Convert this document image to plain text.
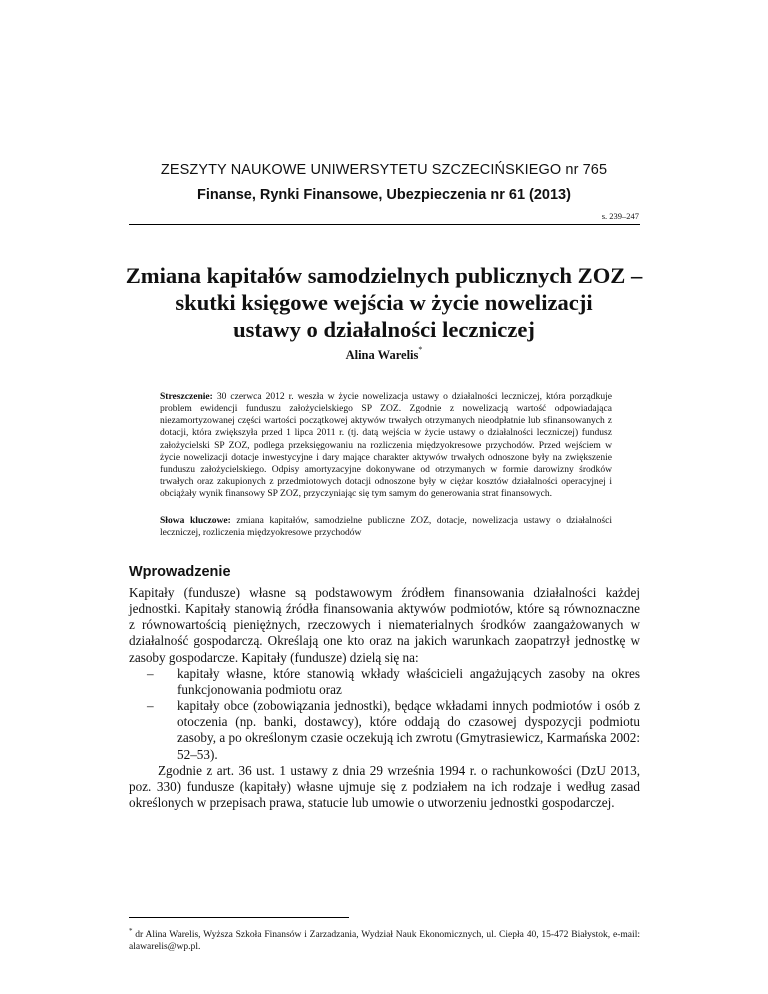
ZESZYTY NAUKOWE UNIWERSYTETU SZCZECIŃSKIEGO nr 765
Finanse, Rynki Finansowe, Ubezpieczenia nr 61 (2013)
s. 239–247
Zmiana kapitałów samodzielnych publicznych ZOZ –
skutki księgowe wejścia w życie nowelizacji
ustawy o działalności leczniczej
Alina Warelis*
Streszczenie: 30 czerwca 2012 r. weszła w życie nowelizacja ustawy o działalności leczniczej, która porządkuje problem ewidencji funduszu założycielskiego SP ZOZ. Zgodnie z nowelizacją wartość odpowiadająca niezamortyzowanej części wartości początkowej aktywów trwałych otrzymanych nieodpłatnie lub sfinansowanych z dotacji, która zwiększyła przed 1 lipca 2011 r. (tj. datą wejścia w życie ustawy o działalności leczniczej) fundusz założycielski SP ZOZ, podlega przeksięgowaniu na rozliczenia międzyokresowe przychodów. Przed wejściem w życie nowelizacji dotacje inwestycyjne i dary mające charakter aktywów trwałych odnoszone były na zwiększenie funduszu założycielskiego. Odpisy amortyzacyjne dokonywane od otrzymanych w formie darowizny środków trwałych oraz zakupionych z przedmiotowych dotacji odnoszone były w ciężar kosztów działalności operacyjnej i obciążały wynik finansowy SP ZOZ, przyczyniając się tym samym do generowania strat finansowych.
Słowa kluczowe: zmiana kapitałów, samodzielne publiczne ZOZ, dotacje, nowelizacja ustawy o działalności leczniczej, rozliczenia międzyokresowe przychodów
Wprowadzenie

Kapitały (fundusze) własne są podstawowym źródłem finansowania działalności każdej jednostki. Kapitały stanowią źródła finansowania aktywów podmiotów, które są równoznaczne z równowartością pieniężnych, rzeczowych i niematerialnych środków zaangażowanych w działalność gospodarczą. Określają one kto oraz na jakich warunkach zaopatrzył jednostkę w zasoby gospodarcze. Kapitały (fundusze) dzielą się na:

– kapitały własne, które stanowią wkłady właścicieli angażujących zasoby na okres funkcjonowania podmiotu oraz
– kapitały obce (zobowiązania jednostki), będące wkładami innych podmiotów i osób z otoczenia (np. banki, dostawcy), które oddają do czasowej dyspozycji podmiotu zasoby, a po określonym czasie oczekują ich zwrotu (Gmytrasiewicz, Karmańska 2002: 52–53).

Zgodnie z art. 36 ust. 1 ustawy z dnia 29 września 1994 r. o rachunkowości (DzU 2013, poz. 330) fundusze (kapitały) własne ujmuje się z podziałem na ich rodzaje i według zasad określonych w przepisach prawa, statucie lub umowie o utworzeniu jednostki gospodarczej.

* dr Alina Warelis, Wyższa Szkoła Finansów i Zarzadzania, Wydział Nauk Ekonomicznych, ul. Ciepła 40, 15-472 Białystok, e-mail: alawarelis@wp.pl.
